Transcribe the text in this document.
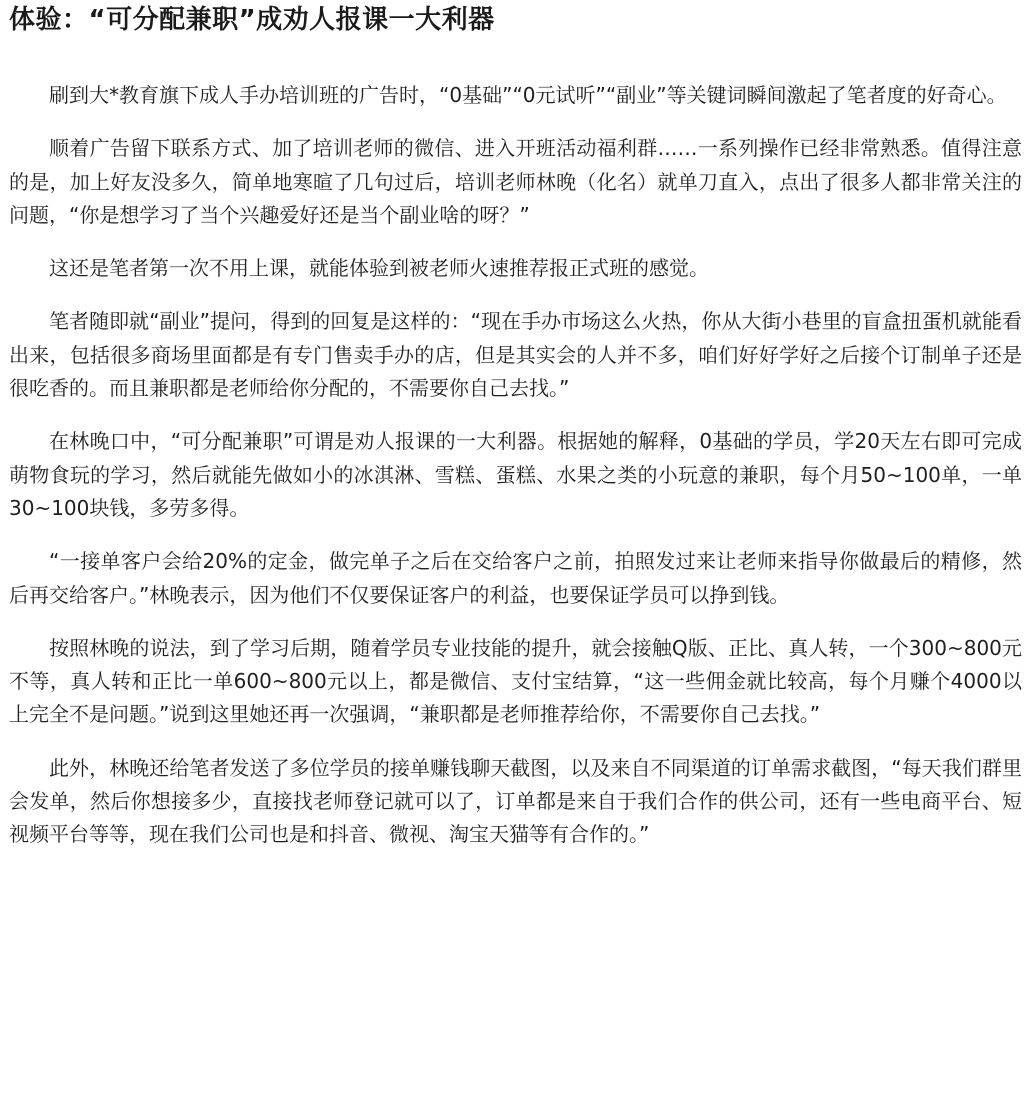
体验：“可分配兼职”成劝人报课一大利器

刷到大*教育旗下成人手办培训班的广告时，“0基础”“0元试听”“副业”等关键词瞬间激起了笔者度的好奇心。

顺着广告留下联系方式、加了培训老师的微信、进入开班活动福利群……一系列操作已经非常熟悉。值得注意的是，加上好友没多久，简单地寒暄了几句过后，培训老师林晚（化名）就单刀直入，点出了很多人都非常关注的问题，“你是想学习了当个兴趣爱好还是当个副业啥的呀？”

这还是笔者第一次不用上课，就能体验到被老师火速推荐报正式班的感觉。

笔者随即就“副业”提问，得到的回复是这样的：“现在手办市场这么火热，你从大街小巷里的盲盒扭蛋机就能看出来，包括很多商场里面都是有专门售卖手办的店，但是其实会的人并不多，咱们好好学好之后接个订制单子还是很吃香的。而且兼职都是老师给你分配的，不需要你自己去找。”

在林晚口中，“可分配兼职”可谓是劝人报课的一大利器。根据她的解释，0基础的学员，学20天左右即可完成萌物食玩的学习，然后就能先做如小的冰淇淋、雪糕、蛋糕、水果之类的小玩意的兼职，每个月50~100单，一单30~100块钱，多劳多得。

“一接单客户会给20%的定金，做完单子之后在交给客户之前，拍照发过来让老师来指导你做最后的精修，然后再交给客户。”林晚表示，因为他们不仅要保证客户的利益，也要保证学员可以挣到钱。

按照林晚的说法，到了学习后期，随着学员专业技能的提升，就会接触Q版、正比、真人转，一个300~800元不等，真人转和正比一单600~800元以上，都是微信、支付宝结算，“这一些佣金就比较高，每个月赚个4000以上完全不是问题。”说到这里她还再一次强调，“兼职都是老师推荐给你，不需要你自己去找。”

此外，林晚还给笔者发送了多位学员的接单赚钱聊天截图，以及来自不同渠道的订单需求截图，“每天我们群里会发单，然后你想接多少，直接找老师登记就可以了，订单都是来自于我们合作的供公司，还有一些电商平台、短视频平台等等，现在我们公司也是和抖音、微视、淘宝天猫等有合作的。”
